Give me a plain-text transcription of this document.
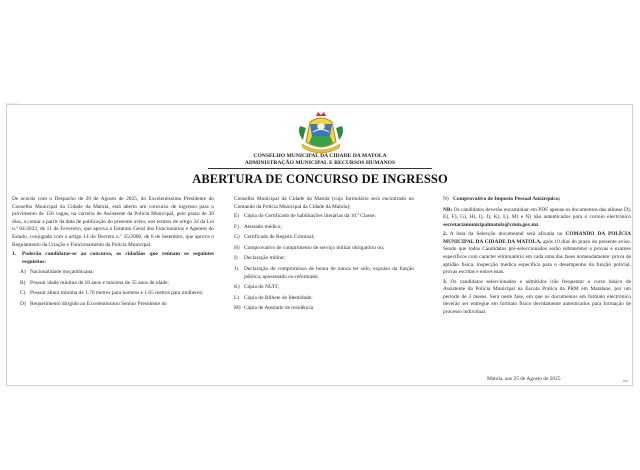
...............
CONSELHO MUNICIPAL DA CIDADE DA MATOLA
ADMINISTRAÇÃO MUNICIPAL E RECURSOS HUMANOS
ABERTURA DE CONCURSO DE INGRESSO

De acordo com o Despacho de 20 de Agosto de 2025, do Excelentíssimo Presidente do Conselho Municipal da Cidade da Matola, está aberto um concurso de ingresso para o provimento de 150 vagas, na carreira de Assistente da Polícia Municipal, pelo prazo de 30 dias, a contar a partir da data de publicação do presente aviso, nos termos de artigo 34 da Lei n.º 04/2022, de 11 de Fevereiro, que aprova o Estatuto Geral dos Funcionários e Agentes do Estado, conjugado com o artigo 14 do Decreto n.º 35/2006, de 6 de Setembro, que aprova o Regulamento da Criação e Funcionamento da Polícia Municipal.

1.	Poderão candidatar-se ao concurso, os cidadãos que reúnam os seguintes requisitos:
A) Nacionalidade moçambicana;
B) Possuir idade mínima de 18 anos e máxima de 35 anos de idade;
C) Possuir altura mínima de 1.70 metros para homens e 1.65 metros para mulheres;
D) Requerimento dirigido ao Excelentíssimo Senhor Presidente do

Conselho Municipal da Cidade da Matola (cujo formulário será encontrado no Comando da Polícia Municipal da Cidade da Matola);

E) Cópia do Certificado de habilitações literárias da 10.ª Classe;
F) Atestado médico;
G) Certificado de Registo Criminal;
H) Comprovativo de cumprimento de serviço militar obrigatório ou;
I)	Declaração militar;
J)	Declaração de compromisso de honra de nunca ter sido, expulso da função pública, aposentado ou reformado;
K) Cópia do NUIT;
L) Cópia do Bilhete de Identidade;
M) Cópia de Atestado de residência
N) Comprovativo de Imposto Pessoal Autárquico;

NB: Os candidatos deverão encaminhar em PDF apenas os documentos das alíneas D), E), F), G), H), I), J), K), L), M) e N) não autenticados para o correio electrónico secretariamunicipalmatola@cmm.gov.mz

2. A lista da Selecção documental será afixada no COMANDO DA POLÍCIA MUNICIPAL DA CIDADE DA MATOLA, após 10 dias do prazo do presente aviso. Sendo que todos Candidatos pré-seleccionados serão submetidos a provas e exames específicos com carácter eliminatório em cada uma das fases nomeadamente: prova de aptidão física, inspecção médica específica para o desempenho da função policial, provas escritas e entrevistas.

3. Os candidatos seleccionados e admitidos irão frequentar o curso básico de Assistente da Polícia Municipal na Escola Prática da PRM em Matalane, por um período de 3 meses. Será neste fase, em que os documentos em formato electrónico deverão ser entregue em formato físico devidamente autenticados para formação de processo individual.

Matola, aos 25 de Agosto de 2025	Dis
